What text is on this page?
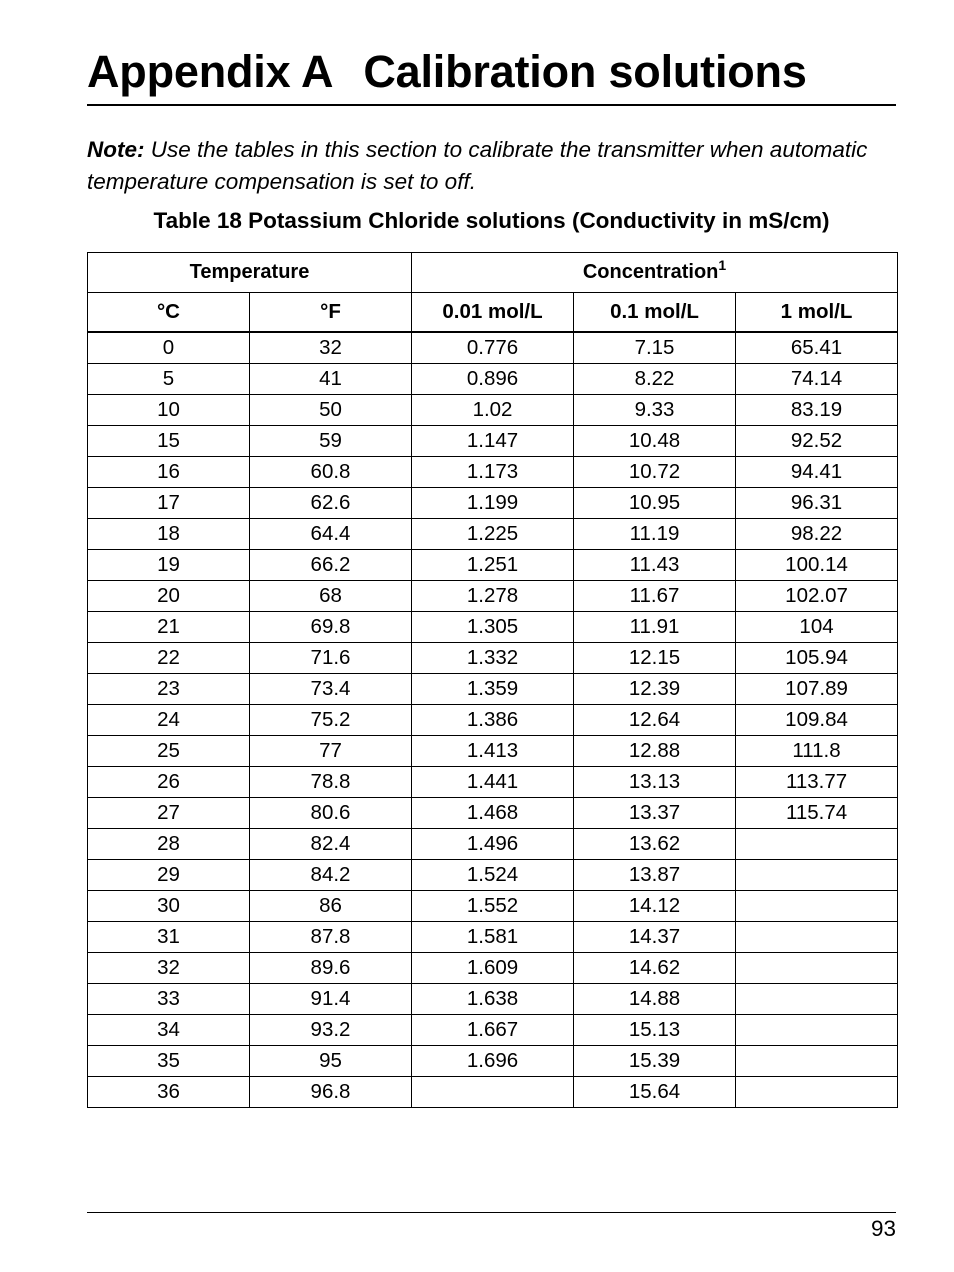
Appendix A Calibration solutions

Note: Use the tables in this section to calibrate the transmitter when automatic temperature compensation is set to off.

Table 18 Potassium Chloride solutions (Conductivity in mS/cm)

Temperature		Concentration$^1$
°C	°F	0.01 mol/L	0.1 mol/L	1 mol/L
0	32	0.776	7.15	65.41
5	41	0.896	8.22	74.14
10	50	1.02	9.33	83.19
15	59	1.147	10.48	92.52
16	60.8	1.173	10.72	94.41
17	62.6	1.199	10.95	96.31
18	64.4	1.225	11.19	98.22
19	66.2	1.251	11.43	100.14
20	68	1.278	11.67	102.07
21	69.8	1.305	11.91	104
22	71.6	1.332	12.15	105.94
23	73.4	1.359	12.39	107.89
24	75.2	1.386	12.64	109.84
25	77	1.413	12.88	111.8
26	78.8	1.441	13.13	113.77
27	80.6	1.468	13.37	115.74
28	82.4	1.496	13.62	
29	84.2	1.524	13.87	
30	86	1.552	14.12	
31	87.8	1.581	14.37	
32	89.6	1.609	14.62	
33	91.4	1.638	14.88	
34	93.2	1.667	15.13	
35	95	1.696	15.39	
36	96.8		15.64	

93
